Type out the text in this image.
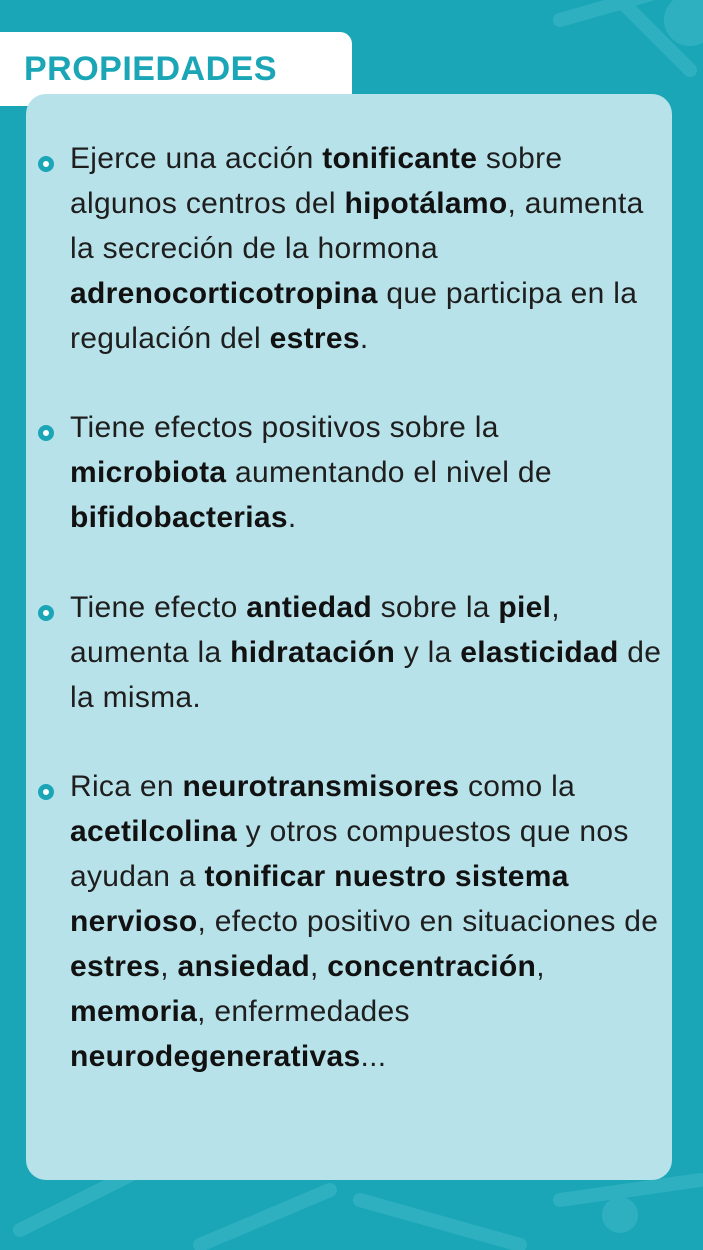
PROPIEDADES

Ejerce una acción tonificante sobre algunos centros del hipotálamo, aumenta la secreción de la hormona adrenocorticotropina que participa en la regulación del estres.

Tiene efectos positivos sobre la microbiota aumentando el nivel de bifidobacterias.

Tiene efecto antiedad sobre la piel, aumenta la hidratación y la elasticidad de la misma.

Rica en neurotransmisores como la acetilcolina y otros compuestos que nos ayudan a tonificar nuestro sistema nervioso, efecto positivo en situaciones de estres, ansiedad, concentración, memoria, enfermedades neurodegenerativas...
